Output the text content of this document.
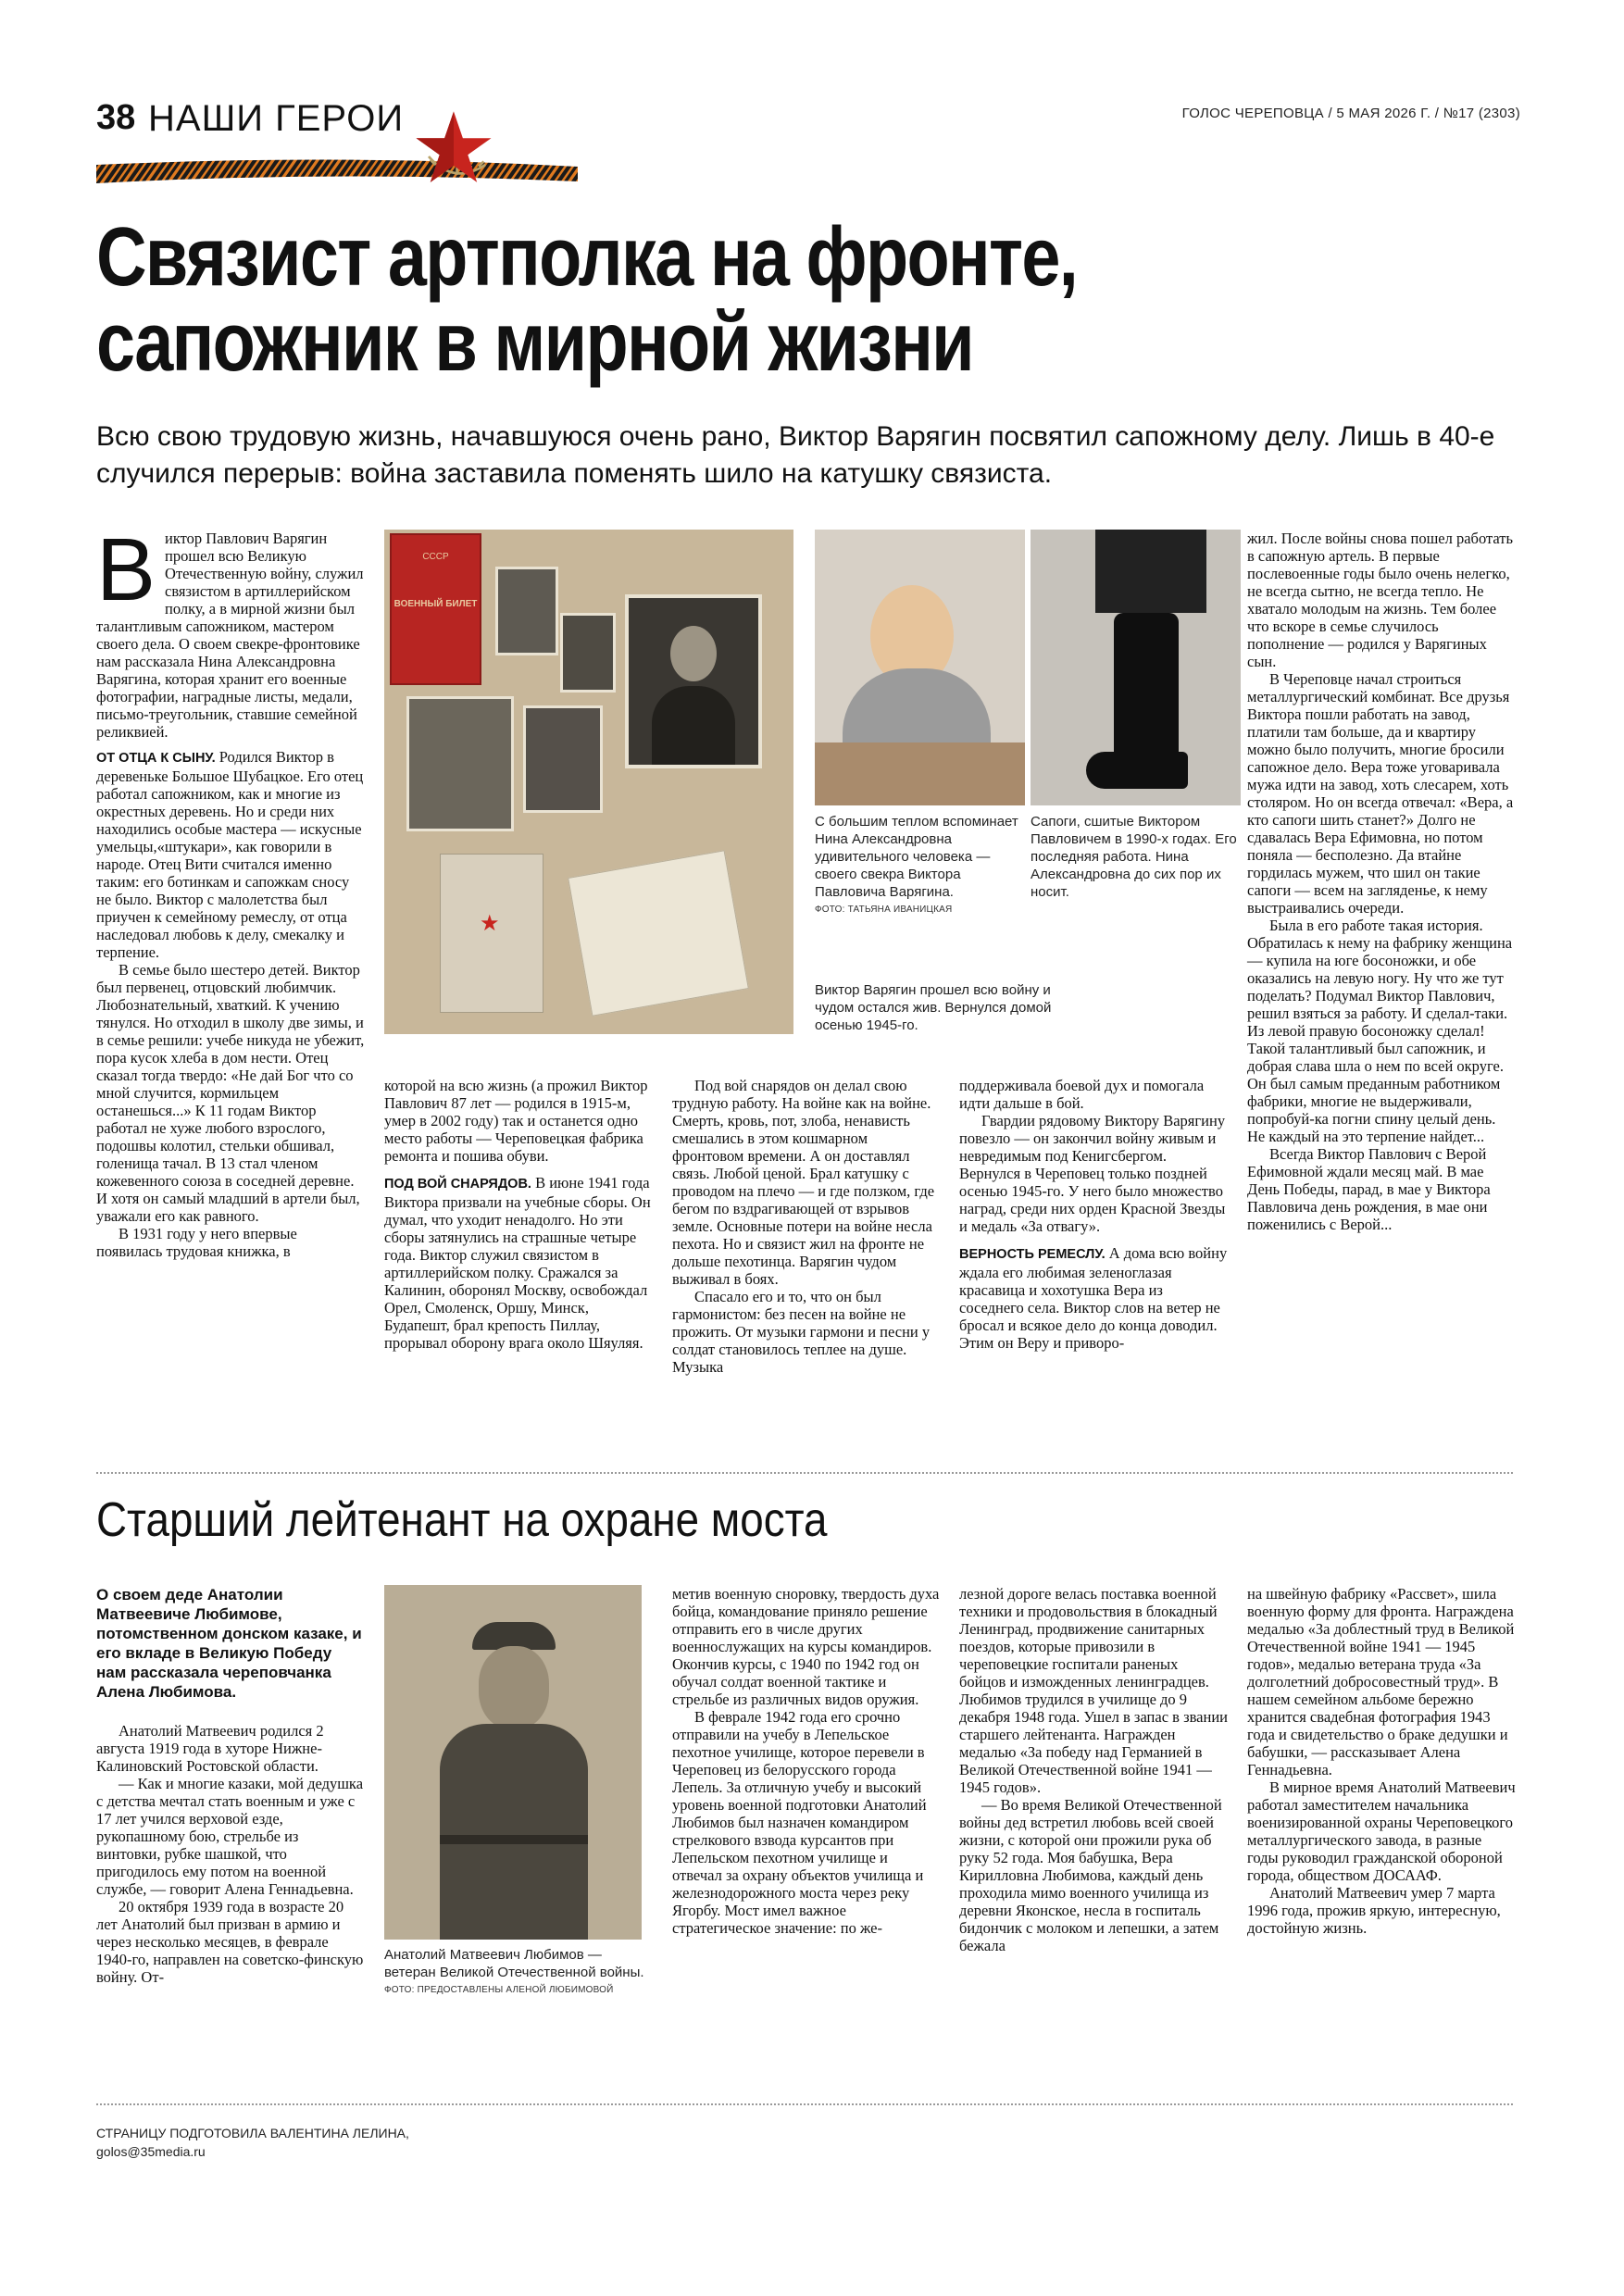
38 НАШИ ГЕРОИ	ГОЛОС ЧЕРЕПОВЦА / 5 МАЯ 2026 Г. / №17 (2303)
Связист артполка на фронте,
сапожник в мирной жизни
Всю свою трудовую жизнь, начавшуюся очень рано, Виктор Варягин посвятил сапожному делу. Лишь в 40-е случился перерыв: война заставила поменять шило на катушку связиста.

Виктор Павлович Варягин прошел всю Великую Отечественную войну, служил связистом в артиллерийском полку, а в мирной жизни был талантливым сапожником, мастером своего дела. О своем свекре-фронтовике нам рассказала Нина Александровна Варягина, которая хранит его военные фотографии, наградные листы, медали, письмо-треугольник, ставшие семейной реликвией.

ОТ ОТЦА К СЫНУ. Родился Виктор в деревеньке Большое Шубацкое. Его отец работал сапожником, как и многие из окрестных деревень. Но и среди них находились особые мастера — искусные умельцы,«штукари», как говорили в народе. Отец Вити считался именно таким: его ботинкам и сапожкам сносу не было. Виктор с малолетства был приучен к семейному ремеслу, от отца наследовал любовь к делу, смекалку и терпение.

В семье было шестеро детей. Виктор был первенец, отцовский любимчик. Любознательный, хваткий. К учению тянулся. Но отходил в школу две зимы, и в семье решили: учебе никуда не убежит, пора кусок хлеба в дом нести. Отец сказал тогда твердо: «Не дай Бог что со мной случится, кормильцем останешься...» К 11 годам Виктор работал не хуже любого взрослого, подошвы колотил, стельки обшивал, голенища тачал. В 13 стал членом кожевенного союза в соседней деревне. И хотя он самый младший в артели был, уважали его как равного.

В 1931 году у него впервые появилась трудовая книжка, в

СССР
ВОЕННЫЙ БИЛЕТ
★
Виктор Варягин прошел всю войну и чудом остался жив. Вернулся домой осенью 1945-го.
С большим теплом вспоминает Нина Александровна удивительного человека — своего свекра Виктора Павловича Варягина.
ФОТО: ТАТЬЯНА ИВАНИЦКАЯ
Сапоги, сшитые Виктором Павловичем в 1990-х годах. Его последняя работа. Нина Александровна до сих пор их носит.

которой на всю жизнь (а прожил Виктор Павлович 87 лет — родился в 1915-м, умер в 2002 году) так и останется одно место работы — Череповецкая фабрика ремонта и пошива обуви.

ПОД ВОЙ СНАРЯДОВ. В июне 1941 года Виктора призвали на учебные сборы. Он думал, что уходит ненадолго. Но эти сборы затянулись на страшные четыре года. Виктор служил связистом в артиллерийском полку. Сражался за Калинин, оборонял Москву, освобождал Орел, Смоленск, Оршу, Минск, Будапешт, брал крепость Пиллау, прорывал оборону врага около Шяуляя.

Под вой снарядов он делал свою трудную работу. На войне как на войне. Смерть, кровь, пот, злоба, ненависть смешались в этом кошмарном фронтовом времени. А он доставлял связь. Любой ценой. Брал катушку с проводом на плечо — и где ползком, где бегом по вздрагивающей от взрывов земле. Основные потери на войне несла пехота. Но и связист жил на фронте не дольше пехотинца. Варягин чудом выживал в боях.

Спасало его и то, что он был гармонистом: без песен на войне не прожить. От музыки гармони и песни у солдат становилось теплее на душе. Музыка

поддерживала боевой дух и помогала идти дальше в бой.

Гвардии рядовому Виктору Варягину повезло — он закончил войну живым и невредимым под Кенигсбергом. Вернулся в Череповец только поздней осенью 1945-го. У него было множество наград, среди них орден Красной Звезды и медаль «За отвагу».

ВЕРНОСТЬ РЕМЕСЛУ. А дома всю войну ждала его любимая зеленоглазая красавица и хохотушка Вера из соседнего села. Виктор слов на ветер не бросал и всякое дело до конца доводил. Этим он Веру и приворо-

жил. После войны снова пошел работать в сапожную артель. В первые послевоенные годы было очень нелегко, не всегда сытно, не всегда тепло. Не хватало молодым на жизнь. Тем более что вскоре в семье случилось пополнение — родился у Варягиных сын.

В Череповце начал строиться металлургический комбинат. Все друзья Виктора пошли работать на завод, платили там больше, да и квартиру можно было получить, многие бросили сапожное дело. Вера тоже уговаривала мужа идти на завод, хоть слесарем, хоть столяром. Но он всегда отвечал: «Вера, а кто сапоги шить станет?» Долго не сдавалась Вера Ефимовна, но потом поняла — бесполезно. Да втайне гордилась мужем, что шил он такие сапоги — всем на загляденье, к нему выстраивались очереди.

Была в его работе такая история. Обратилась к нему на фабрику женщина — купила на юге босоножки, и обе оказались на левую ногу. Ну что же тут поделать? Подумал Виктор Павлович, решил взяться за работу. И сделал-таки. Из левой правую босоножку сделал! Такой талантливый был сапожник, и добрая слава шла о нем по всей округе. Он был самым преданным работником фабрики, многие не выдерживали, попробуй-ка погни спину целый день. Не каждый на это терпение найдет...

Всегда Виктор Павлович с Верой Ефимовной ждали месяц май. В мае День Победы, парад, в мае у Виктора Павловича день рождения, в мае они поженились с Верой...

Старший лейтенант на охране моста
О своем деде Анатолии Матвеевиче Любимове, потомственном донском казаке, и его вкладе в Великую Победу нам рассказала череповчанка Алена Любимова.

Анатолий Матвеевич родился 2 августа 1919 года в хуторе Нижне-Калиновский Ростовской области.

— Как и многие казаки, мой дедушка с детства мечтал стать военным и уже с 17 лет учился верховой езде, рукопашному бою, стрельбе из винтовки, рубке шашкой, что пригодилось ему потом на военной службе, — говорит Алена Геннадьевна.

20 октября 1939 года в возрасте 20 лет Анатолий был призван в армию и через несколько месяцев, в феврале 1940-го, направлен на советско-финскую войну. От-

Анатолий Матвеевич Любимов — ветеран Великой Отечественной войны.
ФОТО: ПРЕДОСТАВЛЕНЫ АЛЕНОЙ ЛЮБИМОВОЙ

метив военную сноровку, твердость духа бойца, командование приняло решение отправить его в числе других военнослужащих на курсы командиров. Окончив курсы, с 1940 по 1942 год он обучал солдат военной тактике и стрельбе из различных видов оружия.

В феврале 1942 года его срочно отправили на учебу в Лепельское пехотное училище, которое перевели в Череповец из белорусского города Лепель. За отличную учебу и высокий уровень военной подготовки Анатолий Любимов был назначен командиром стрелкового взвода курсантов при Лепельском пехотном училище и отвечал за охрану объектов училища и железнодорожного моста через реку Ягорбу. Мост имел важное стратегическое значение: по же-

лезной дороге велась поставка военной техники и продовольствия в блокадный Ленинград, продвижение санитарных поездов, которые привозили в череповецкие госпитали раненых бойцов и изможденных ленинградцев. Любимов трудился в училище до 9 декабря 1948 года. Ушел в запас в звании старшего лейтенанта. Награжден медалью «За победу над Германией в Великой Отечественной войне 1941 — 1945 годов».

— Во время Великой Отечественной войны дед встретил любовь всей своей жизни, с которой они прожили рука об руку 52 года. Моя бабушка, Вера Кирилловна Любимова, каждый день проходила мимо военного училища из деревни Яконское, несла в госпиталь бидончик с молоком и лепешки, а затем бежала

на швейную фабрику «Рассвет», шила военную форму для фронта. Награждена медалью «За доблестный труд в Великой Отечественной войне 1941 — 1945 годов», медалью ветерана труда «За долголетний добросовестный труд». В нашем семейном альбоме бережно хранится свадебная фотография 1943 года и свидетельство о браке дедушки и бабушки, — рассказывает Алена Геннадьевна.

В мирное время Анатолий Матвеевич работал заместителем начальника военизированной охраны Череповецкого металлургического завода, в разные годы руководил гражданской обороной города, обществом ДОСААФ.

Анатолий Матвеевич умер 7 марта 1996 года, прожив яркую, интересную, достойную жизнь.

СТРАНИЦУ ПОДГОТОВИЛА ВАЛЕНТИНА ЛЕЛИНА,
golos@35media.ru
